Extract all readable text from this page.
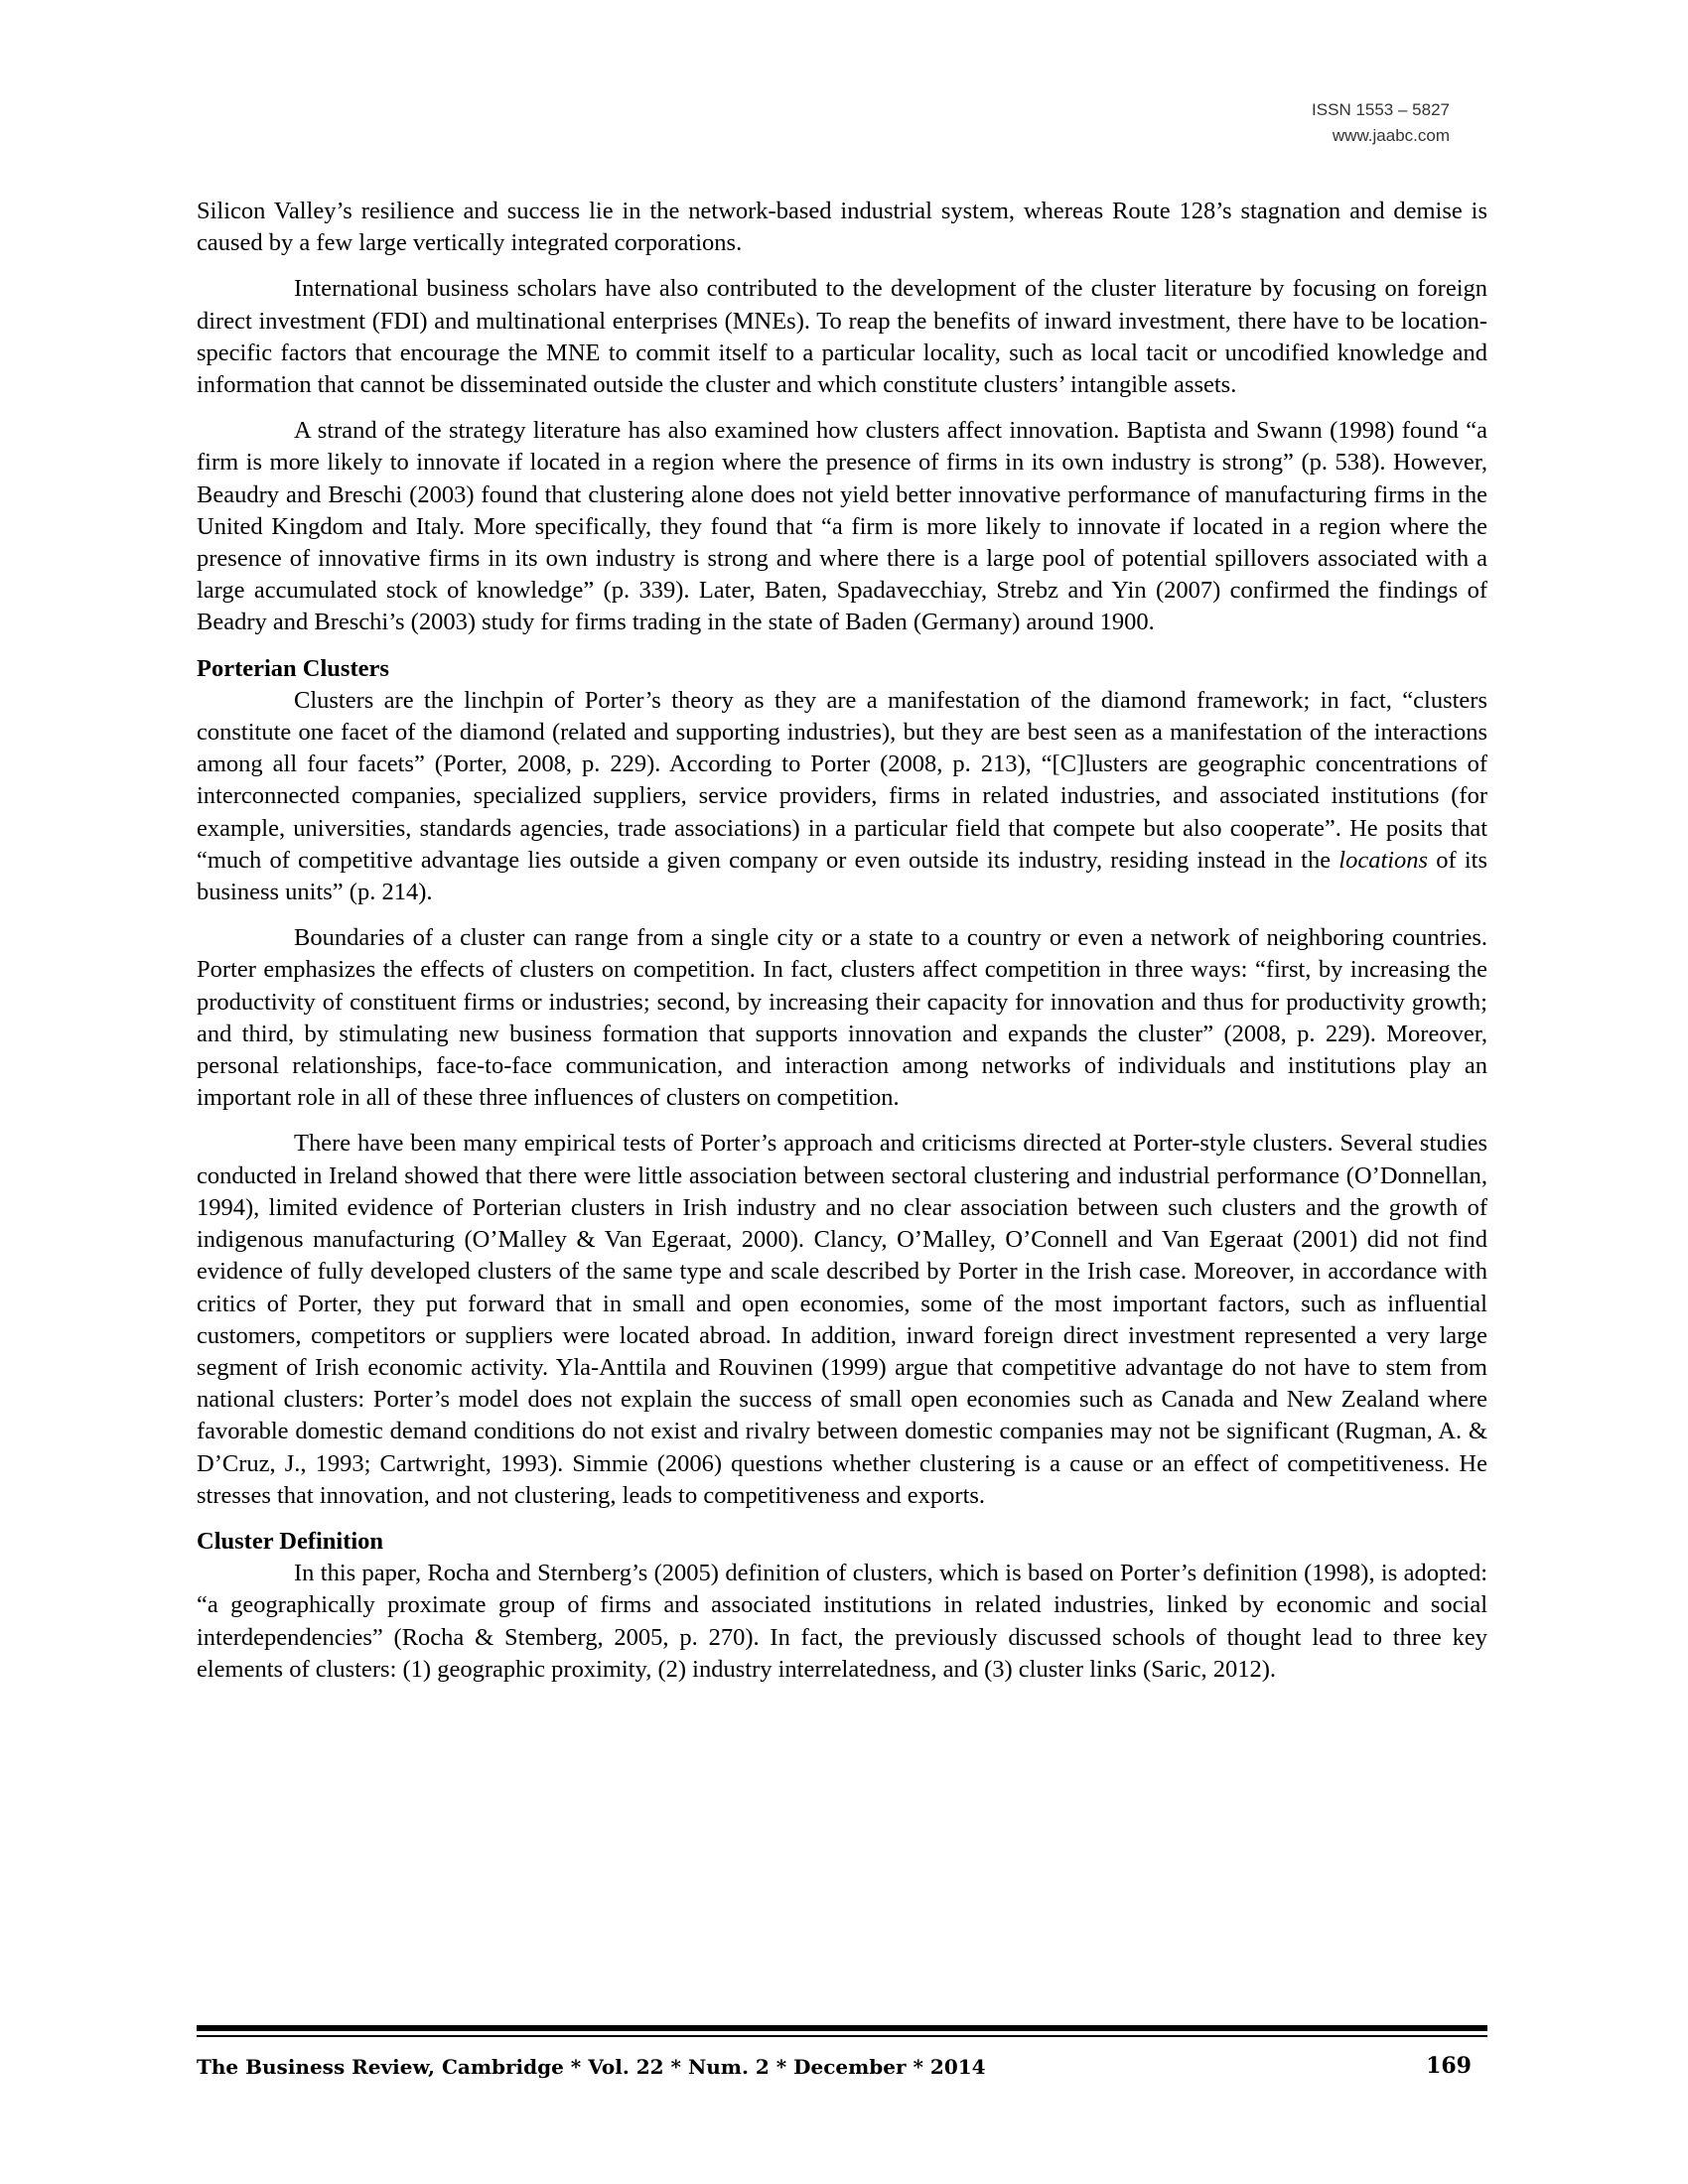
ISSN 1553 – 5827
www.jaabc.com

Silicon Valley’s resilience and success lie in the network-based industrial system, whereas Route 128’s stagnation and demise is caused by a few large vertically integrated corporations.

International business scholars have also contributed to the development of the cluster literature by focusing on foreign direct investment (FDI) and multinational enterprises (MNEs). To reap the benefits of inward investment, there have to be location-specific factors that encourage the MNE to commit itself to a particular locality, such as local tacit or uncodified knowledge and information that cannot be disseminated outside the cluster and which constitute clusters’ intangible assets.

A strand of the strategy literature has also examined how clusters affect innovation. Baptista and Swann (1998) found “a firm is more likely to innovate if located in a region where the presence of firms in its own industry is strong” (p. 538). However, Beaudry and Breschi (2003) found that clustering alone does not yield better innovative performance of manufacturing firms in the United Kingdom and Italy. More specifically, they found that “a firm is more likely to innovate if located in a region where the presence of innovative firms in its own industry is strong and where there is a large pool of potential spillovers associated with a large accumulated stock of knowledge” (p. 339). Later, Baten, Spadavecchiay, Strebz and Yin (2007) confirmed the findings of Beadry and Breschi’s (2003) study for firms trading in the state of Baden (Germany) around 1900.

Porterian Clusters

Clusters are the linchpin of Porter’s theory as they are a manifestation of the diamond framework; in fact, “clusters constitute one facet of the diamond (related and supporting industries), but they are best seen as a manifestation of the interactions among all four facets” (Porter, 2008, p. 229). According to Porter (2008, p. 213), “[C]lusters are geographic concentrations of interconnected companies, specialized suppliers, service providers, firms in related industries, and associated institutions (for example, universities, standards agencies, trade associations) in a particular field that compete but also cooperate”. He posits that “much of competitive advantage lies outside a given company or even outside its industry, residing instead in the locations of its business units” (p. 214).

Boundaries of a cluster can range from a single city or a state to a country or even a network of neighboring countries. Porter emphasizes the effects of clusters on competition. In fact, clusters affect competition in three ways: “first, by increasing the productivity of constituent firms or industries; second, by increasing their capacity for innovation and thus for productivity growth; and third, by stimulating new business formation that supports innovation and expands the cluster” (2008, p. 229). Moreover, personal relationships, face-to-face communication, and interaction among networks of individuals and institutions play an important role in all of these three influences of clusters on competition.

There have been many empirical tests of Porter’s approach and criticisms directed at Porter-style clusters. Several studies conducted in Ireland showed that there were little association between sectoral clustering and industrial performance (O’Donnellan, 1994), limited evidence of Porterian clusters in Irish industry and no clear association between such clusters and the growth of indigenous manufacturing (O’Malley & Van Egeraat, 2000). Clancy, O’Malley, O’Connell and Van Egeraat (2001) did not find evidence of fully developed clusters of the same type and scale described by Porter in the Irish case. Moreover, in accordance with critics of Porter, they put forward that in small and open economies, some of the most important factors, such as influential customers, competitors or suppliers were located abroad. In addition, inward foreign direct investment represented a very large segment of Irish economic activity. Yla-Anttila and Rouvinen (1999) argue that competitive advantage do not have to stem from national clusters: Porter’s model does not explain the success of small open economies such as Canada and New Zealand where favorable domestic demand conditions do not exist and rivalry between domestic companies may not be significant (Rugman, A. & D’Cruz, J., 1993; Cartwright, 1993). Simmie (2006) questions whether clustering is a cause or an effect of competitiveness. He stresses that innovation, and not clustering, leads to competitiveness and exports.

Cluster Definition

In this paper, Rocha and Sternberg’s (2005) definition of clusters, which is based on Porter’s definition (1998), is adopted: “a geographically proximate group of firms and associated institutions in related industries, linked by economic and social interdependencies” (Rocha & Stemberg, 2005, p. 270). In fact, the previously discussed schools of thought lead to three key elements of clusters: (1) geographic proximity, (2) industry interrelatedness, and (3) cluster links (Saric, 2012).

The Business Review, Cambridge * Vol. 22 * Num. 2 * December * 2014	169
